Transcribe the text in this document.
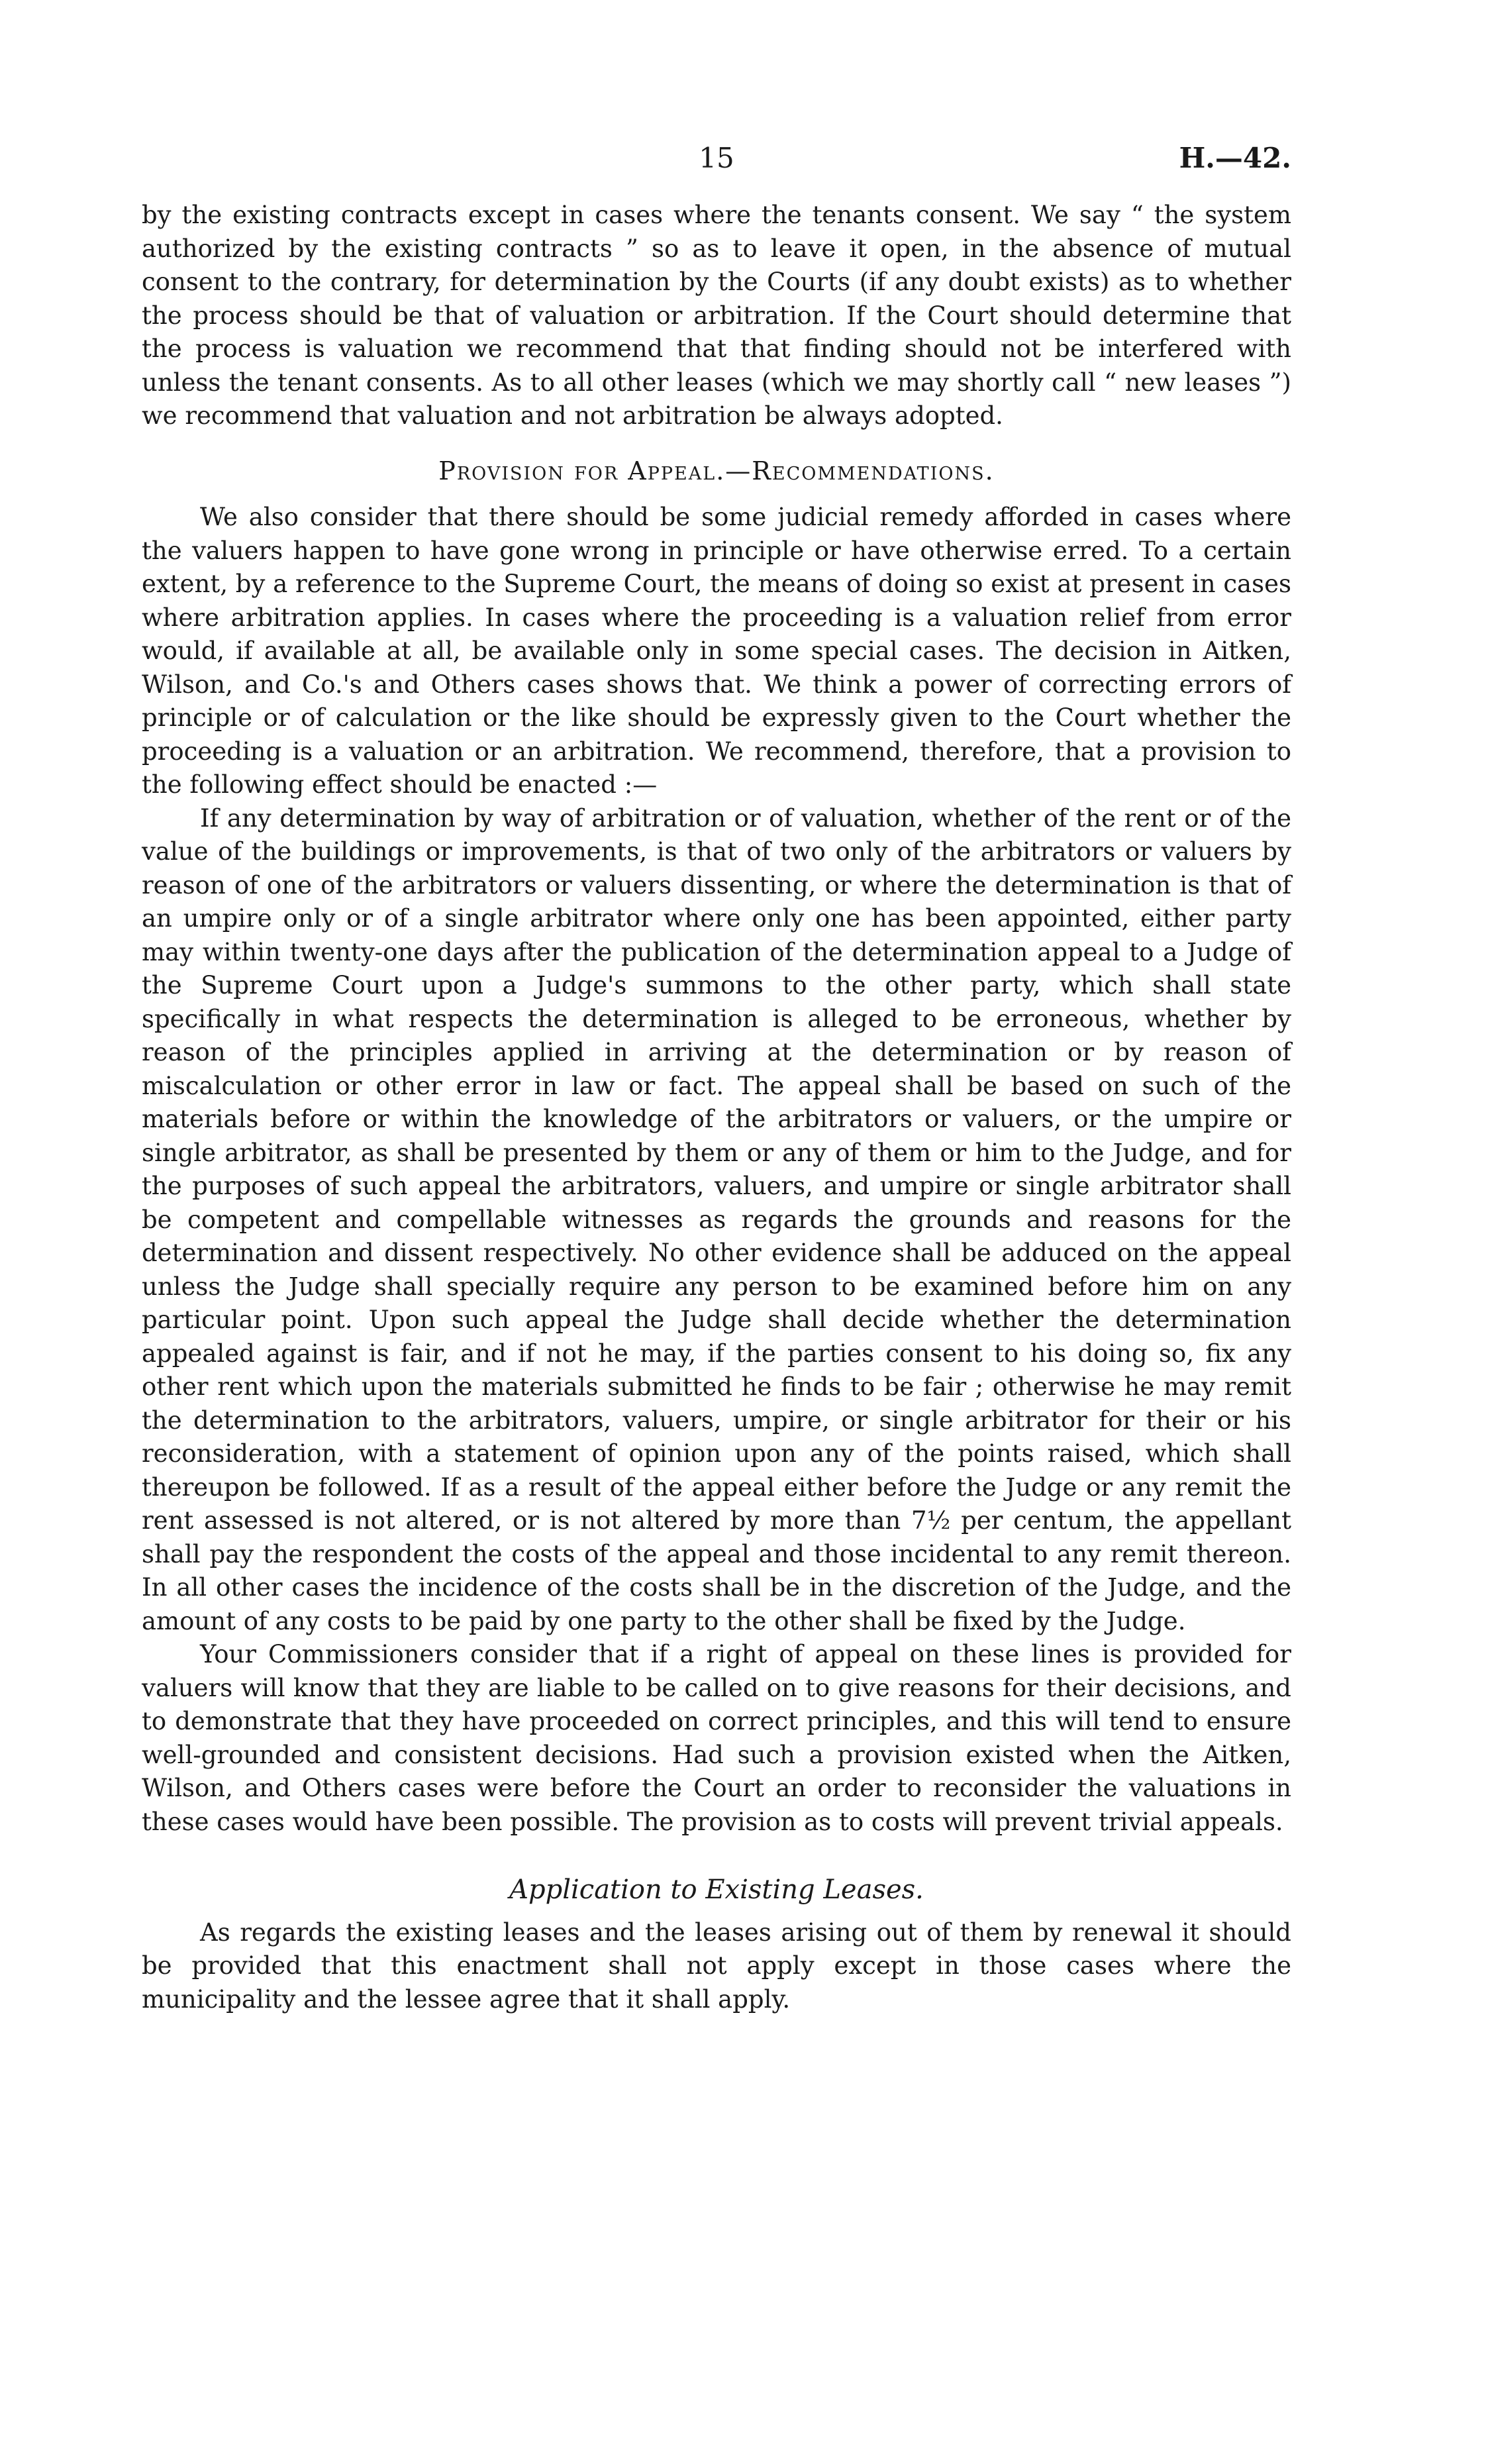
15	H.—42.

by the existing contracts except in cases where the tenants consent. We say “ the system authorized by the existing contracts ” so as to leave it open, in the absence of mutual consent to the contrary, for determination by the Courts (if any doubt exists) as to whether the process should be that of valuation or arbitration. If the Court should determine that the process is valuation we recommend that that finding should not be interfered with unless the tenant consents. As to all other leases (which we may shortly call “ new leases ”) we recommend that valuation and not arbitration be always adopted.

Provision for Appeal.—Recommendations.

We also consider that there should be some judicial remedy afforded in cases where the valuers happen to have gone wrong in principle or have otherwise erred. To a certain extent, by a reference to the Supreme Court, the means of doing so exist at present in cases where arbitration applies. In cases where the proceeding is a valuation relief from error would, if available at all, be available only in some special cases. The decision in Aitken, Wilson, and Co.'s and Others cases shows that. We think a power of correcting errors of principle or of calculation or the like should be expressly given to the Court whether the proceeding is a valuation or an arbitration. We recommend, therefore, that a provision to the following effect should be enacted :—

If any determination by way of arbitration or of valuation, whether of the rent or of the value of the buildings or improvements, is that of two only of the arbitrators or valuers by reason of one of the arbitrators or valuers dissenting, or where the determination is that of an umpire only or of a single arbitrator where only one has been appointed, either party may within twenty-one days after the publication of the determination appeal to a Judge of the Supreme Court upon a Judge's summons to the other party, which shall state specifically in what respects the determination is alleged to be erroneous, whether by reason of the principles applied in arriving at the determination or by reason of miscalculation or other error in law or fact. The appeal shall be based on such of the materials before or within the knowledge of the arbitrators or valuers, or the umpire or single arbitrator, as shall be presented by them or any of them or him to the Judge, and for the purposes of such appeal the arbitrators, valuers, and umpire or single arbitrator shall be competent and compellable witnesses as regards the grounds and reasons for the determination and dissent respectively. No other evidence shall be adduced on the appeal unless the Judge shall specially require any person to be examined before him on any particular point. Upon such appeal the Judge shall decide whether the determination appealed against is fair, and if not he may, if the parties consent to his doing so, fix any other rent which upon the materials submitted he finds to be fair ; otherwise he may remit the determination to the arbitrators, valuers, umpire, or single arbitrator for their or his reconsideration, with a statement of opinion upon any of the points raised, which shall thereupon be followed. If as a result of the appeal either before the Judge or any remit the rent assessed is not altered, or is not altered by more than 7½ per centum, the appellant shall pay the respondent the costs of the appeal and those incidental to any remit thereon. In all other cases the incidence of the costs shall be in the discretion of the Judge, and the amount of any costs to be paid by one party to the other shall be fixed by the Judge.

Your Commissioners consider that if a right of appeal on these lines is provided for valuers will know that they are liable to be called on to give reasons for their decisions, and to demonstrate that they have proceeded on correct principles, and this will tend to ensure well-grounded and consistent decisions. Had such a provision existed when the Aitken, Wilson, and Others cases were before the Court an order to reconsider the valuations in these cases would have been possible. The provision as to costs will prevent trivial appeals.

Application to Existing Leases.

As regards the existing leases and the leases arising out of them by renewal it should be provided that this enactment shall not apply except in those cases where the municipality and the lessee agree that it shall apply.
